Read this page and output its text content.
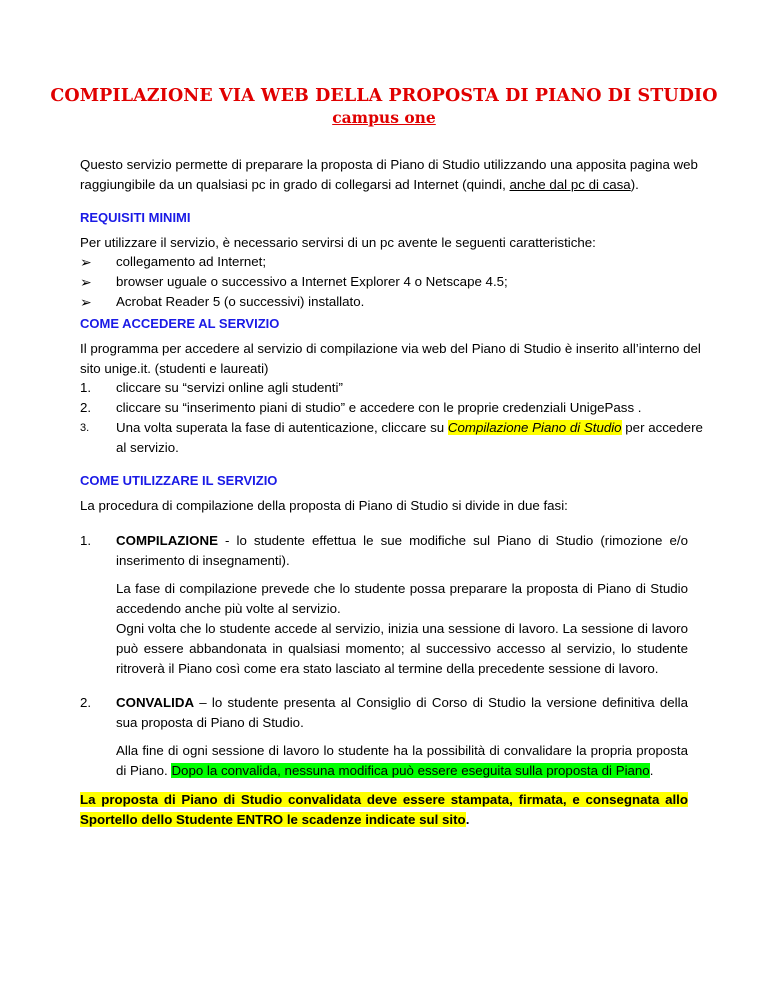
COMPILAZIONE VIA WEB DELLA PROPOSTA DI PIANO DI STUDIO
campus one
Questo servizio permette di preparare la proposta di Piano di Studio utilizzando una apposita pagina web
raggiungibile da un qualsiasi pc in grado di collegarsi ad Internet (quindi, anche dal pc di casa).
REQUISITI MINIMI
Per utilizzare il servizio, è necessario servirsi di un pc avente le seguenti caratteristiche:
➢ collegamento ad Internet;
➢ browser uguale o successivo a Internet Explorer 4 o Netscape 4.5;
➢ Acrobat Reader 5 (o successivi) installato.
COME ACCEDERE AL SERVIZIO
Il programma per accedere al servizio di compilazione via web del Piano di Studio è inserito all’interno del
sito unige.it. (studenti e laureati)
1. cliccare su “servizi online agli studenti”
2. cliccare su “inserimento piani di studio” e accedere con le proprie credenziali UnigePass .
3. Una volta superata la fase di autenticazione, cliccare su Compilazione Piano di Studio per accedere
al servizio.
COME UTILIZZARE IL SERVIZIO
La procedura di compilazione della proposta di Piano di Studio si divide in due fasi:
1. COMPILAZIONE - lo studente effettua le sue modifiche sul Piano di Studio (rimozione e/o inserimento di insegnamenti).
La fase di compilazione prevede che lo studente possa preparare la proposta di Piano di Studio accedendo anche più volte al servizio.
Ogni volta che lo studente accede al servizio, inizia una sessione di lavoro. La sessione di lavoro può essere abbandonata in qualsiasi momento; al successivo accesso al servizio, lo studente ritroverà il Piano così come era stato lasciato al termine della precedente sessione di lavoro.
2. CONVALIDA – lo studente presenta al Consiglio di Corso di Studio la versione definitiva della sua proposta di Piano di Studio.
Alla fine di ogni sessione di lavoro lo studente ha la possibilità di convalidare la propria proposta di Piano. Dopo la convalida, nessuna modifica può essere eseguita sulla proposta di Piano.
La proposta di Piano di Studio convalidata deve essere stampata, firmata, e consegnata allo
Sportello dello Studente ENTRO le scadenze indicate sul sito.
